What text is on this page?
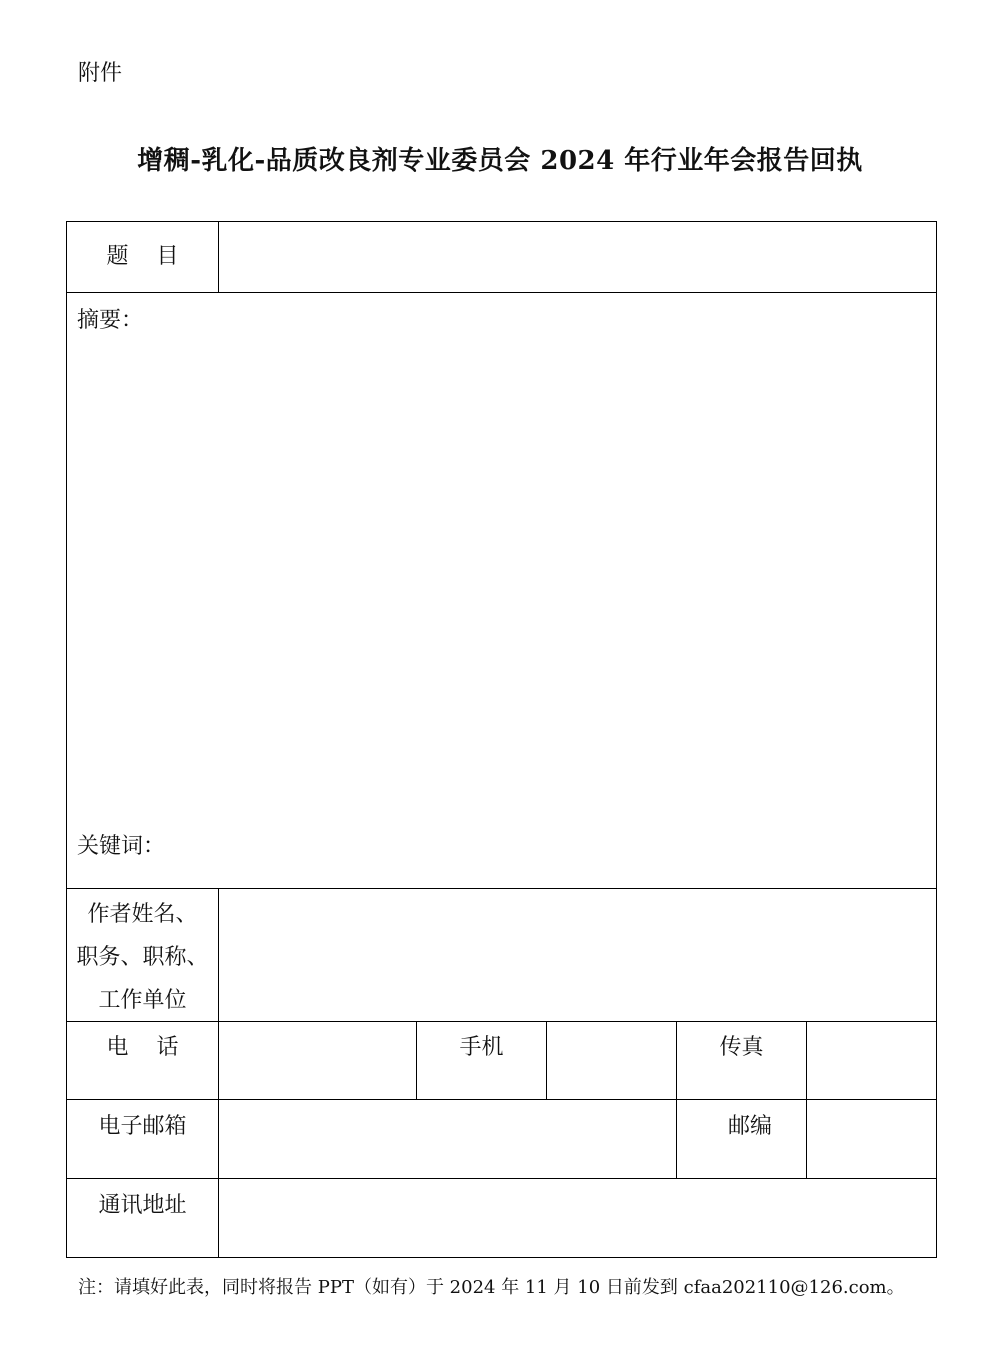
附件
增稠-乳化-品质改良剂专业委员会 2024 年行业年会报告回执
题    目
摘要：
关键词：
作者姓名、
职务、职称、
工作单位
电    话	手机	传真
电子邮箱	邮编
通讯地址
注：请填好此表，同时将报告 PPT（如有）于 2024 年 11 月 10 日前发到 cfaa202110@126.com。
